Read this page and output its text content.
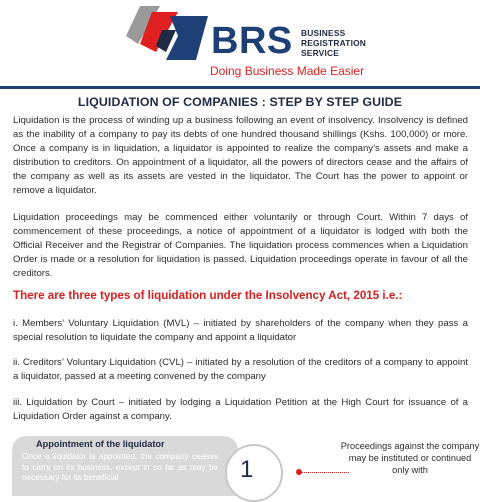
BRS BUSINESS
REGISTRATION
SERVICE
Doing Business Made Easier
LIQUIDATION OF COMPANIES : STEP BY STEP GUIDE
Liquidation is the process of winding up a business following an event of insolvency. Insolvency is defined as the inability of a company to pay its debts of one hundred thousand shillings (Kshs. 100,000) or more. Once a company is in liquidation, a liquidator is appointed to realize the company’s assets and make a distribution to creditors. On appointment of a liquidator, all the powers of directors cease and the affairs of the company as well as its assets are vested in the liquidator. The Court has the power to appoint or remove a liquidator.
Liquidation proceedings may be commenced either voluntarily or through Court. Within 7 days of commencement of these proceedings, a notice of appointment of a liquidator is lodged with both the Official Receiver and the Registrar of Companies. The liquidation process commences when a Liquidation Order is made or a resolution for liquidation is passed. Liquidation proceedings operate in favour of all the creditors.
There are three types of liquidation under the Insolvency Act, 2015 i.e.:
i. Members’ Voluntary Liquidation (MVL) – initiated by shareholders of the company when they pass a special resolution to liquidate the company and appoint a liquidator
ii. Creditors’ Voluntary Liquidation (CVL) – initiated by a resolution of the creditors of a company to appoint a liquidator, passed at a meeting convened by the company
iii. Liquidation by Court – initiated by lodging a Liquidation Petition at the High Court for issuance of a Liquidation Order against a company.
Appointment of the liquidator
Once a liquidator is appointed, the company ceases to carry on its business, except in so far as may be necessary for its beneficial	1
Proceedings against the company may be instituted or continued only with
